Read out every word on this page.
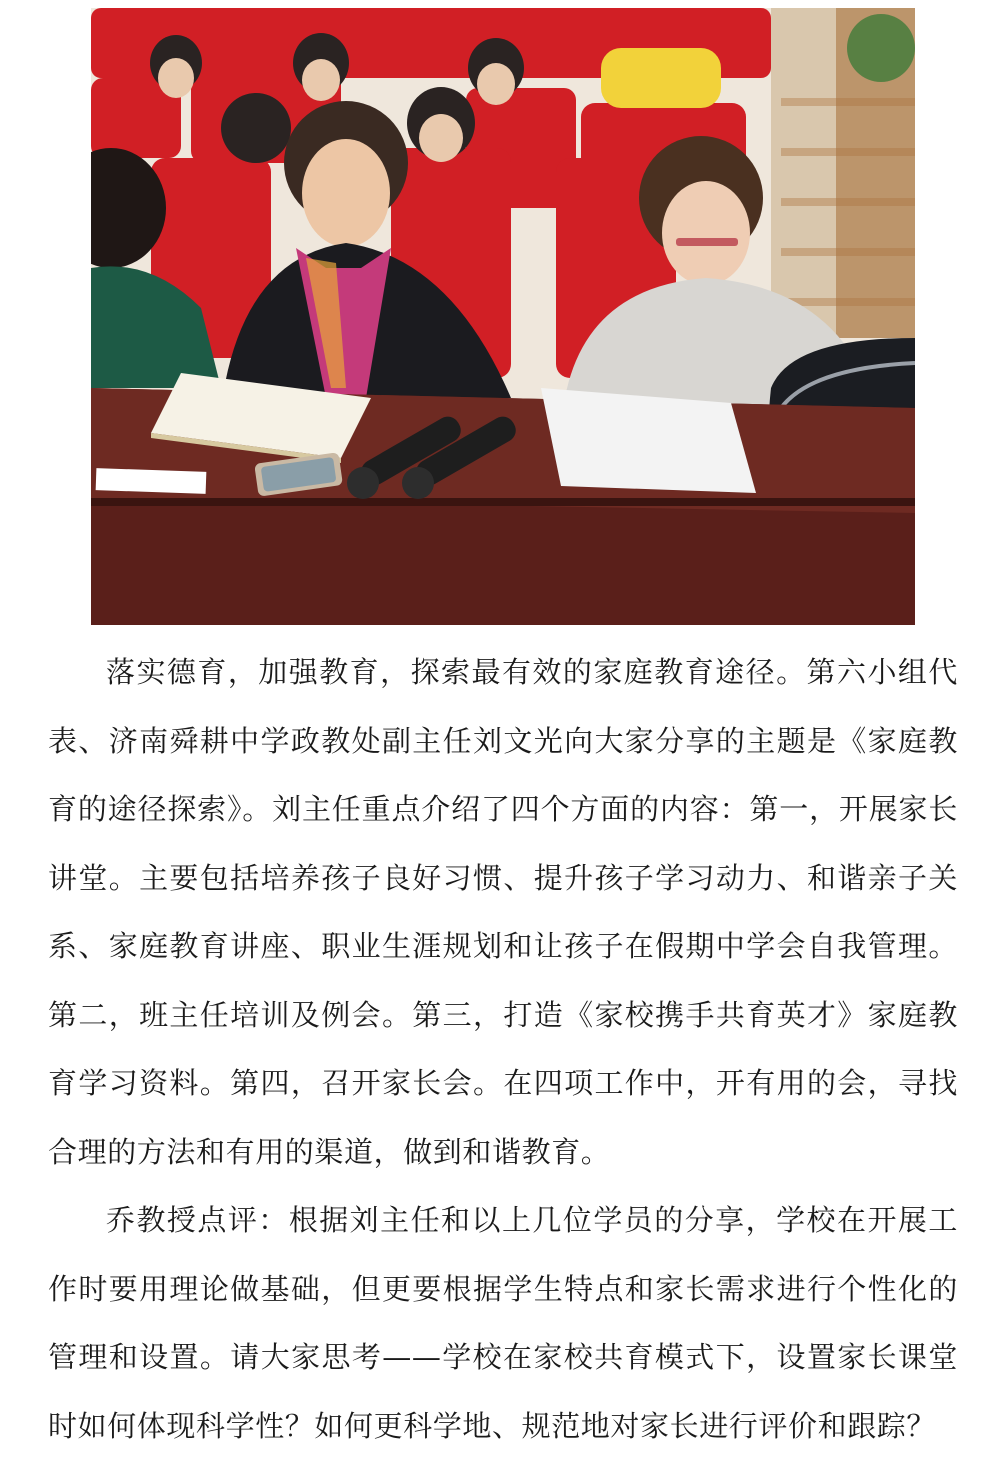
落实德育，加强教育，探索最有效的家庭教育途径。第六小组代表、济南舜耕中学政教处副主任刘文光向大家分享的主题是《家庭教育的途径探索》。刘主任重点介绍了四个方面的内容：第一，开展家长讲堂。主要包括培养孩子良好习惯、提升孩子学习动力、和谐亲子关系、家庭教育讲座、职业生涯规划和让孩子在假期中学会自我管理。第二，班主任培训及例会。第三，打造《家校携手共育英才》家庭教育学习资料。第四，召开家长会。在四项工作中，开有用的会，寻找合理的方法和有用的渠道，做到和谐教育。

乔教授点评：根据刘主任和以上几位学员的分享，学校在开展工作时要用理论做基础，但更要根据学生特点和家长需求进行个性化的管理和设置。请大家思考——学校在家校共育模式下，设置家长课堂时如何体现科学性？如何更科学地、规范地对家长进行评价和跟踪？
